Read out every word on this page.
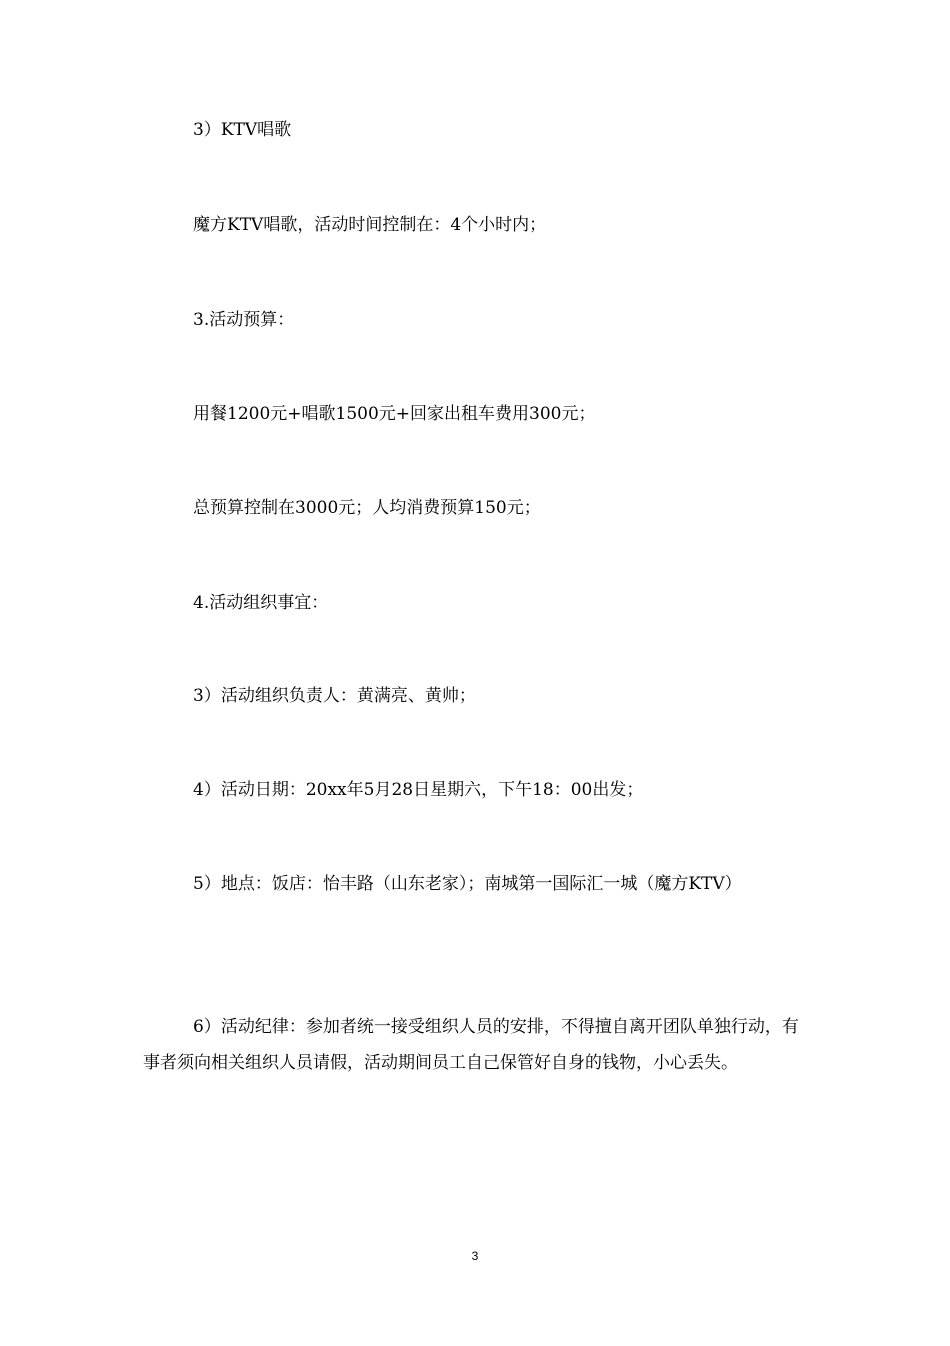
3）KTV唱歌

魔方KTV唱歌，活动时间控制在：4个小时内；

3.活动预算：

用餐1200元+唱歌1500元+回家出租车费用300元；

总预算控制在3000元；人均消费预算150元；

4.活动组织事宜：

3）活动组织负责人：黄满亮、黄帅；

4）活动日期：20xx年5月28日星期六，下午18：00出发；

5）地点：饭店：怡丰路（山东老家）；南城第一国际汇一城（魔方KTV）

6）活动纪律：参加者统一接受组织人员的安排，不得擅自离开团队单独行动，有事者须向相关组织人员请假，活动期间员工自己保管好自身的钱物，小心丢失。

3
